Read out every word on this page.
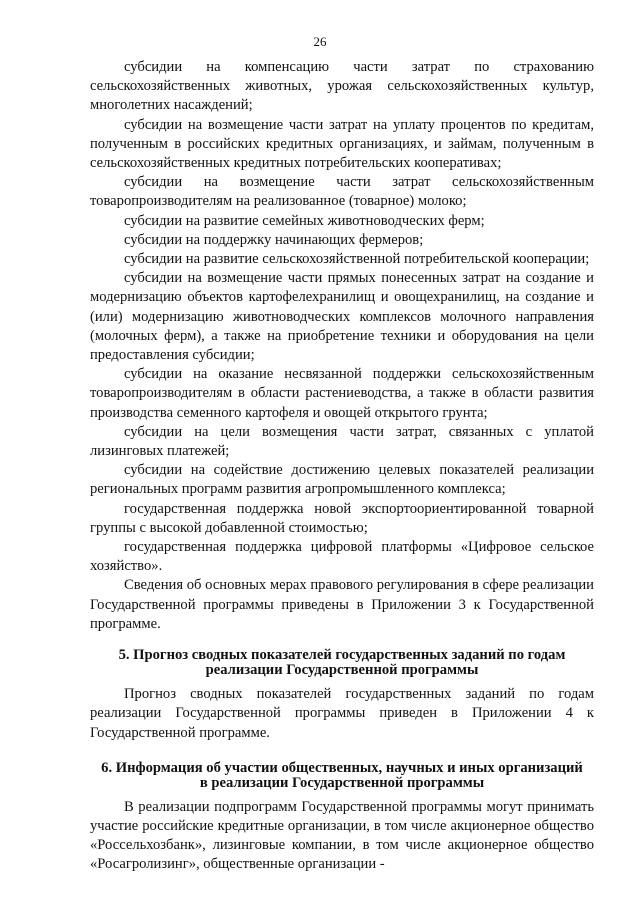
26

субсидии на компенсацию части затрат по страхованию сельскохозяйственных животных, урожая сельскохозяйственных культур, многолетних насаждений;

субсидии на возмещение части затрат на уплату процентов по кредитам, полученным в российских кредитных организациях, и займам, полученным в сельскохозяйственных кредитных потребительских кооперативах;

субсидии на возмещение части затрат сельскохозяйственным товаропроизводителям на реализованное (товарное) молоко;

субсидии на развитие семейных животноводческих ферм;

субсидии на поддержку начинающих фермеров;

субсидии на развитие сельскохозяйственной потребительской кооперации;

субсидии на возмещение части прямых понесенных затрат на создание и модернизацию объектов картофелехранилищ и овощехранилищ, на создание и (или) модернизацию животноводческих комплексов молочного направления (молочных ферм), а также на приобретение техники и оборудования на цели предоставления субсидии;

субсидии на оказание несвязанной поддержки сельскохозяйственным товаропроизводителям в области растениеводства, а также в области развития производства семенного картофеля и овощей открытого грунта;

субсидии на цели возмещения части затрат, связанных с уплатой лизинговых платежей;

субсидии на содействие достижению целевых показателей реализации региональных программ развития агропромышленного комплекса;

государственная поддержка новой экспортоориентированной товарной группы с высокой добавленной стоимостью;

государственная поддержка цифровой платформы «Цифровое сельское хозяйство».

Сведения об основных мерах правового регулирования в сфере реализации Государственной программы приведены в Приложении 3 к Государственной программе.

5. Прогноз сводных показателей государственных заданий по годам
реализации Государственной программы

Прогноз сводных показателей государственных заданий по годам реализации Государственной программы приведен в Приложении 4 к Государственной программе.

6. Информация об участии общественных, научных и иных организаций
в реализации Государственной программы

В реализации подпрограмм Государственной программы могут принимать участие российские кредитные организации, в том числе акционерное общество «Россельхозбанк», лизинговые компании, в том числе акционерное общество «Росагролизинг», общественные организации -
